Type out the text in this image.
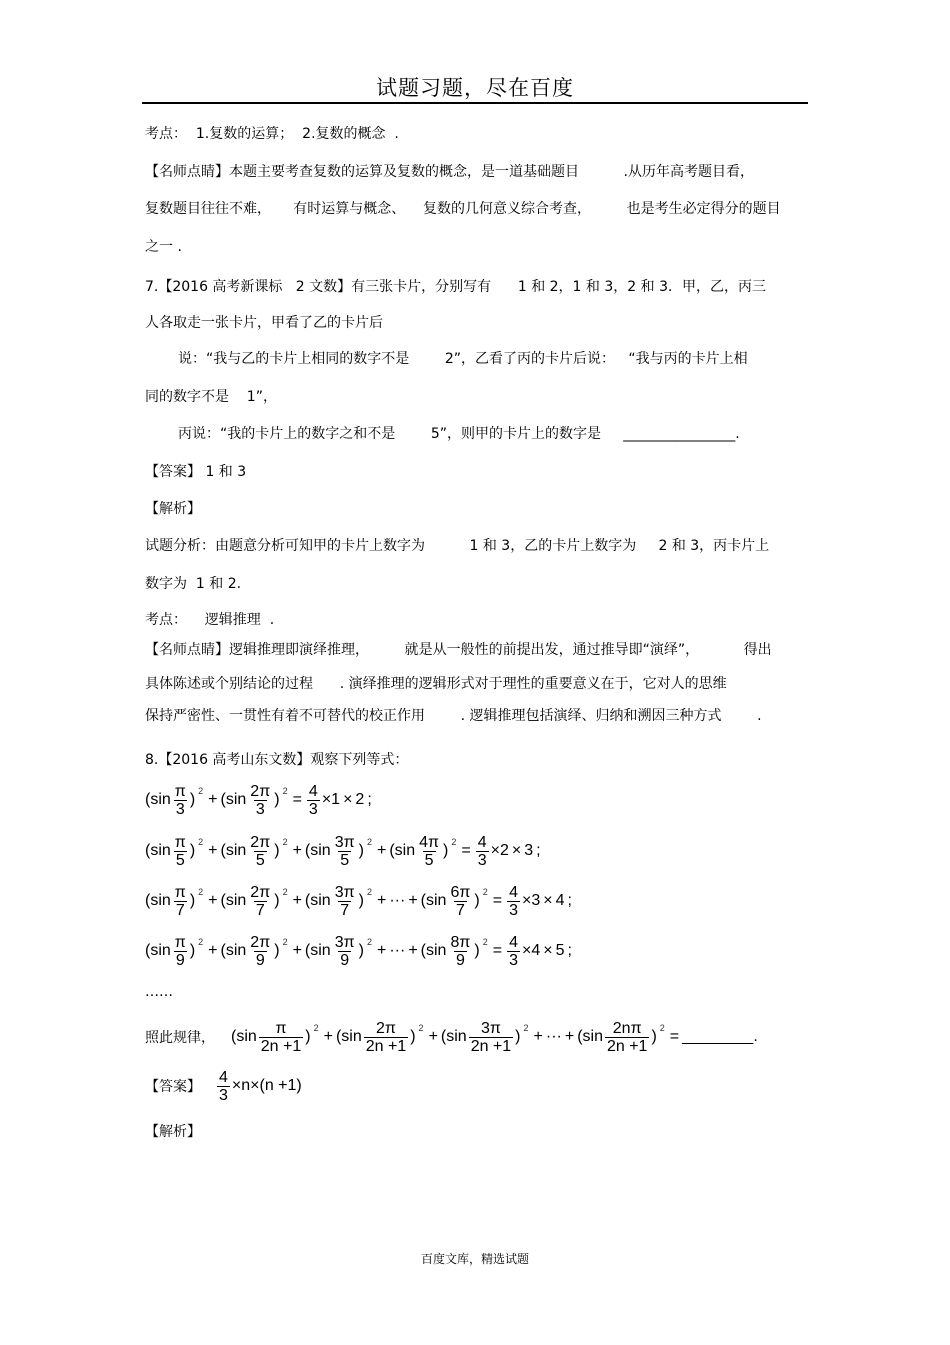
试题习题，尽在百度
考点：  1.复数的运算；  2.复数的概念  .
【名师点睛】本题主要考查复数的运算及复数的概念，是一道基础题目          .从历年高考题目看，
复数题目往往不难，     有时运算与概念、    复数的几何意义综合考查，        也是考生必定得分的题目
之一 .
7.【2016 高考新课标   2 文数】有三张卡片，分别写有      1 和 2，1 和 3，2 和 3．甲，乙，丙三
人各取走一张卡片，甲看了乙的卡片后
说：“我与乙的卡片上相同的数字不是        2”，乙看了丙的卡片后说：   “我与丙的卡片上相
同的数字不是    1”，
丙说：“我的卡片上的数字之和不是        5”，则甲的卡片上的数字是     ________________.
【答案】 1 和 3
【解析】
试题分析：由题意分析可知甲的卡片上数字为          1 和 3，乙的卡片上数字为     2 和 3，丙卡片上
数字为  1 和 2.
考点：    逻辑推理  .
【名师点睛】逻辑推理即演绎推理，        就是从一般性的前提出发，通过推导即“演绎”，          得出
具体陈述或个别结论的过程      . 演绎推理的逻辑形式对于理性的重要意义在于，它对人的思维
保持严密性、一贯性有着不可替代的校正作用        . 逻辑推理包括演绎、归纳和溯因三种方式        .
8.【2016 高考山东文数】观察下列等式：
( $\sin \frac{\pi}{3}$ ) 2 + ( $\sin \frac{2\pi}{3}$ ) $2 = \frac{4}{3} \times 1 \times 2$ ;
( $\sin \frac{\pi}{5}$ ) 2 + ( $\sin \frac{2\pi}{5}$ ) 2 + ( $\sin \frac{3\pi}{5}$ ) 2 + ( $\sin \frac{4\pi}{5}$ ) $2 = \frac{4}{3} \times 2 \times 3$ ;
( $\sin \frac{\pi}{7}$ ) 2 + ( $\sin \frac{2\pi}{7}$ ) 2 + ( $\sin \frac{3\pi}{7}$ ) 2 + ··· + ( $\sin \frac{6\pi}{7}$ ) $2 = \frac{4}{3} \times 3 \times 4$ ;
( $\sin \frac{\pi}{9}$ ) 2 + ( $\sin \frac{2\pi}{9}$ ) 2 + ( $\sin \frac{3\pi}{9}$ ) 2 + ··· + ( $\sin \frac{8\pi}{9}$ ) $2 = \frac{4}{3} \times 4 \times 5$ ;
……
照此规律， ( $\sin \frac{\pi}{2n +1}$ ) 2 + ( $\sin \frac{2\pi}{2n +1}$ ) 2 + ( $\sin \frac{3\pi}{2n +1}$ ) 2 + ··· + ( $\sin \frac{2n\pi}{2n +1}$ ) 2 = ________ .
【答案】 $\frac{4}{3} \times n \times (n +1)$
【解析】
百度文库，精选试题
